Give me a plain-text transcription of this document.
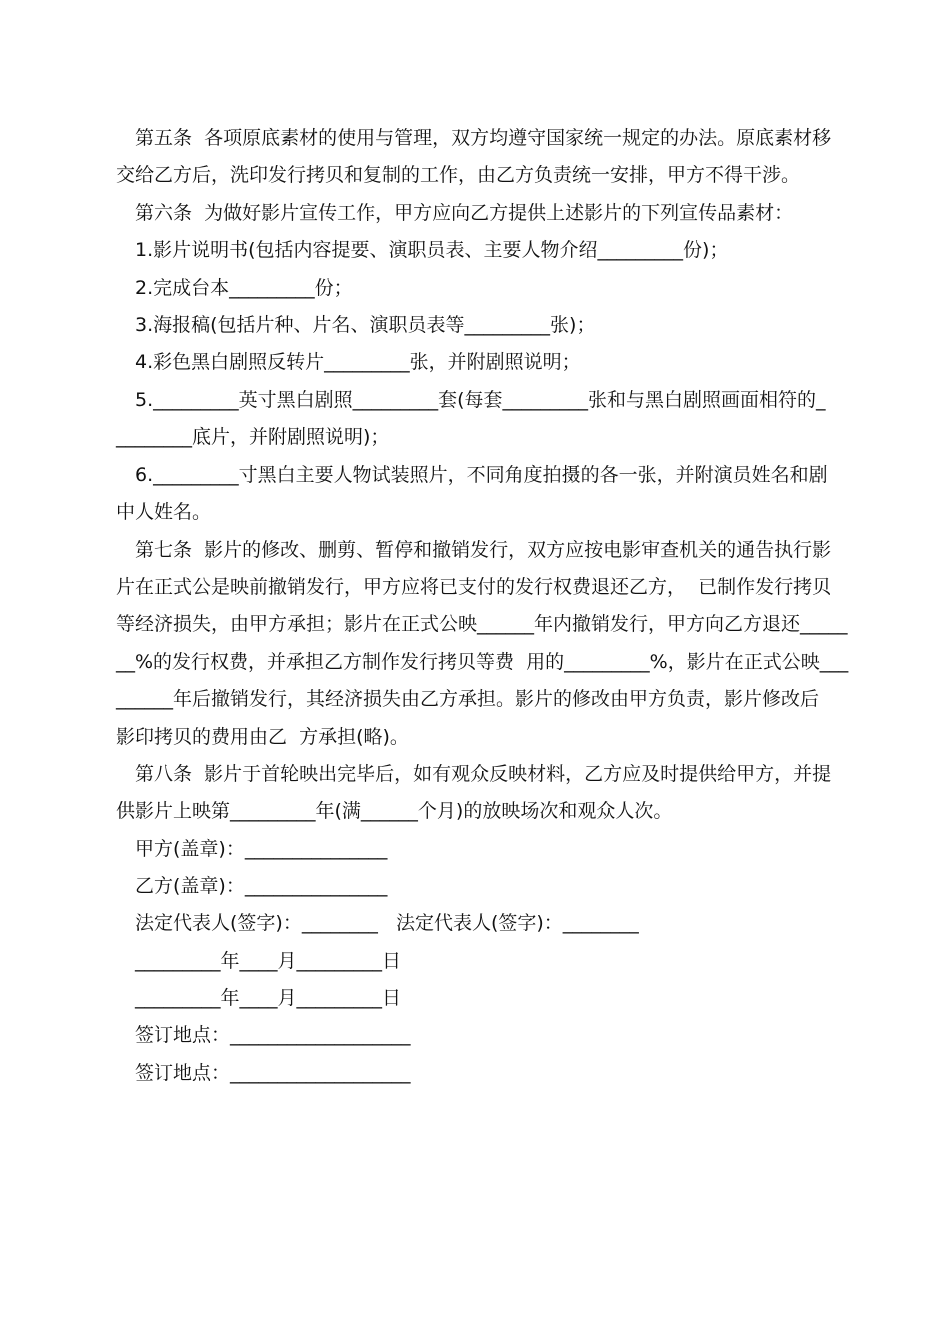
第五条  各项原底素材的使用与管理，双方均遵守国家统一规定的办法。原底素材移
交给乙方后，洗印发行拷贝和复制的工作，由乙方负责统一安排，甲方不得干涉。
第六条  为做好影片宣传工作，甲方应向乙方提供上述影片的下列宣传品素材：
1.影片说明书(包括内容提要、演职员表、主要人物介绍_________份)；
2.完成台本_________份；
3.海报稿(包括片种、片名、演职员表等_________张)；
4.彩色黑白剧照反转片_________张，并附剧照说明；
5._________英寸黑白剧照_________套(每套_________张和与黑白剧照画面相符的_
________底片，并附剧照说明)；
6._________寸黑白主要人物试装照片，不同角度拍摄的各一张，并附演员姓名和剧
中人姓名。
第七条  影片的修改、删剪、暂停和撤销发行，双方应按电影审查机关的通告执行影
片在正式公是映前撤销发行，甲方应将已支付的发行权费退还乙方，  已制作发行拷贝
等经济损失，由甲方承担；影片在正式公映______年内撤销发行，甲方向乙方退还_____
__%的发行权费，并承担乙方制作发行拷贝等费  用的_________%，影片在正式公映___
______年后撤销发行，其经济损失由乙方承担。影片的修改由甲方负责，影片修改后
影印拷贝的费用由乙  方承担(略)。
第八条  影片于首轮映出完毕后，如有观众反映材料，乙方应及时提供给甲方，并提
供影片上映第_________年(满______个月)的放映场次和观众人次。
甲方(盖章)：_______________
乙方(盖章)：_______________
法定代表人(签字)：________   法定代表人(签字)：________
_________年____月_________日
_________年____月_________日
签订地点：___________________
签订地点：___________________
